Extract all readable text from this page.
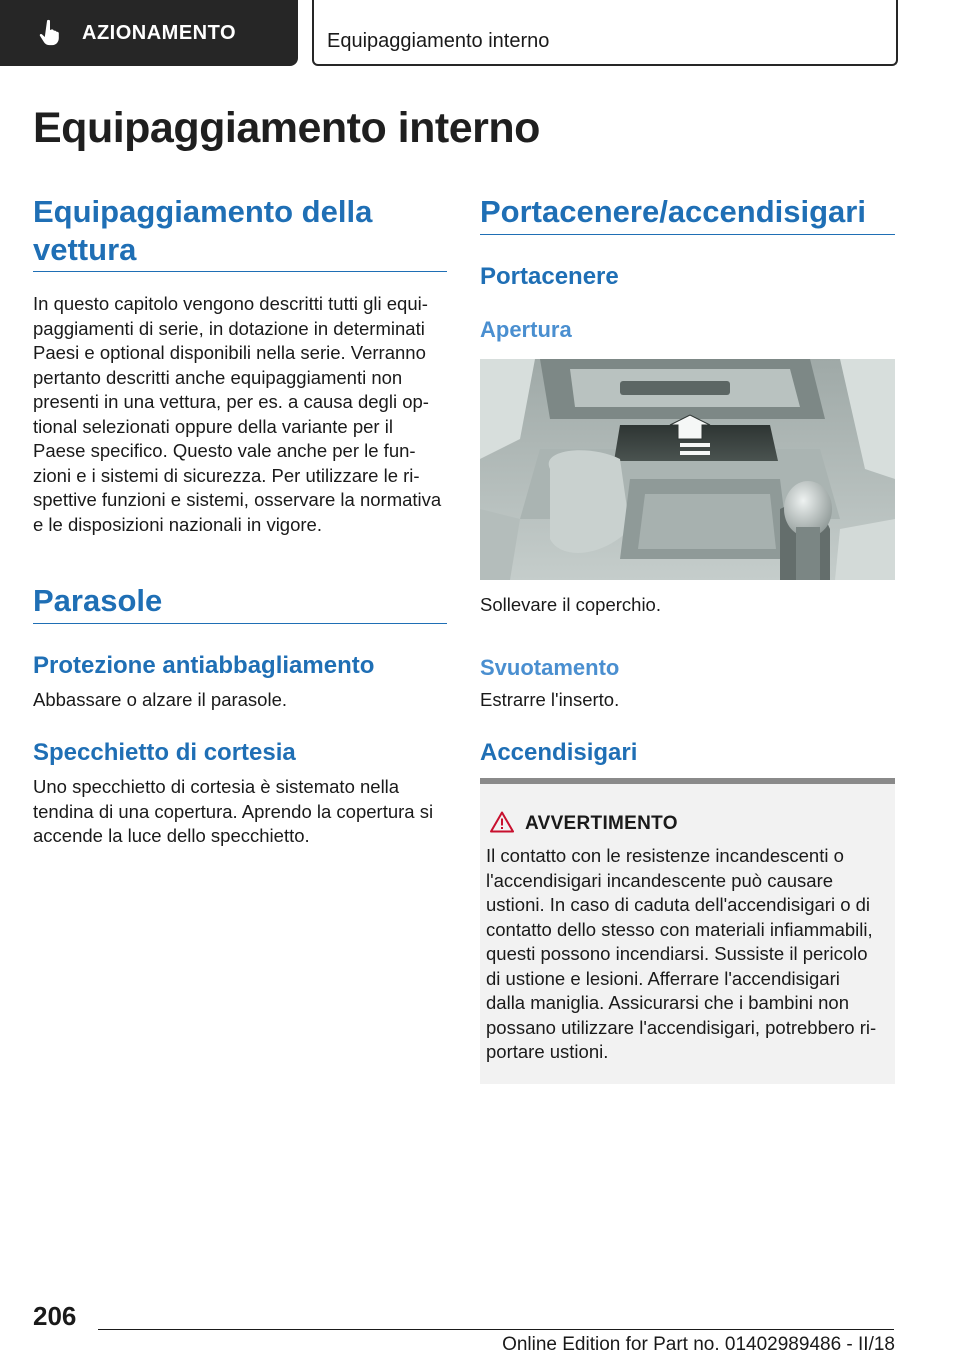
AZIONAMENTO	Equipaggiamento interno
Equipaggiamento interno
Equipaggiamento della
vettura

In questo capitolo vengono descritti tutti gli equi-
paggiamenti di serie, in dotazione in determinati
Paesi e optional disponibili nella serie. Verranno
pertanto descritti anche equipaggiamenti non
presenti in una vettura, per es. a causa degli op-
tional selezionati oppure della variante per il
Paese specifico. Questo vale anche per le fun-
zioni e i sistemi di sicurezza. Per utilizzare le ri-
spettive funzioni e sistemi, osservare la normativa
e le disposizioni nazionali in vigore.

Parasole
Protezione antiabbagliamento

Abbassare o alzare il parasole.

Specchietto di cortesia

Uno specchietto di cortesia è sistemato nella
tendina di una copertura. Aprendo la copertura si
accende la luce dello specchietto.

Portacenere/accendisigari
Portacenere
Apertura

Sollevare il coperchio.

Svuotamento

Estrarre l'inserto.

Accendisigari
AVVERTIMENTO

Il contatto con le resistenze incandescenti o
l'accendisigari incandescente può causare
ustioni. In caso di caduta dell'accendisigari o di
contatto dello stesso con materiali infiammabili,
questi possono incendiarsi. Sussiste il pericolo
di ustione e lesioni. Afferrare l'accendisigari
dalla maniglia. Assicurarsi che i bambini non
possano utilizzare l'accendisigari, potrebbero ri-
portare ustioni.

206
Online Edition for Part no. 01402989486 - II/18
